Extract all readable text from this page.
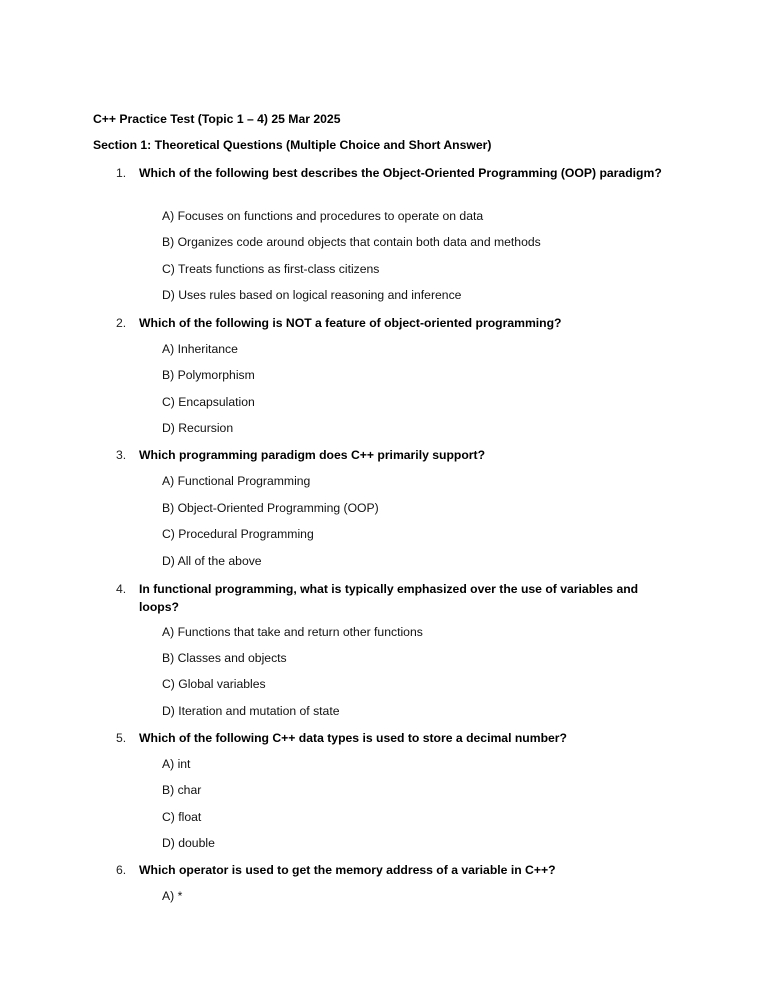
C++ Practice Test (Topic 1 – 4) 25 Mar 2025
Section 1: Theoretical Questions (Multiple Choice and Short Answer)
1. Which of the following best describes the Object-Oriented Programming (OOP) paradigm?
A) Focuses on functions and procedures to operate on data
B) Organizes code around objects that contain both data and methods
C) Treats functions as first-class citizens
D) Uses rules based on logical reasoning and inference
2. Which of the following is NOT a feature of object-oriented programming?
A) Inheritance
B) Polymorphism
C) Encapsulation
D) Recursion
3. Which programming paradigm does C++ primarily support?
A) Functional Programming
B) Object-Oriented Programming (OOP)
C) Procedural Programming
D) All of the above
4. In functional programming, what is typically emphasized over the use of variables and loops?
A) Functions that take and return other functions
B) Classes and objects
C) Global variables
D) Iteration and mutation of state
5. Which of the following C++ data types is used to store a decimal number?
A) int
B) char
C) float
D) double
6. Which operator is used to get the memory address of a variable in C++?
A) *
